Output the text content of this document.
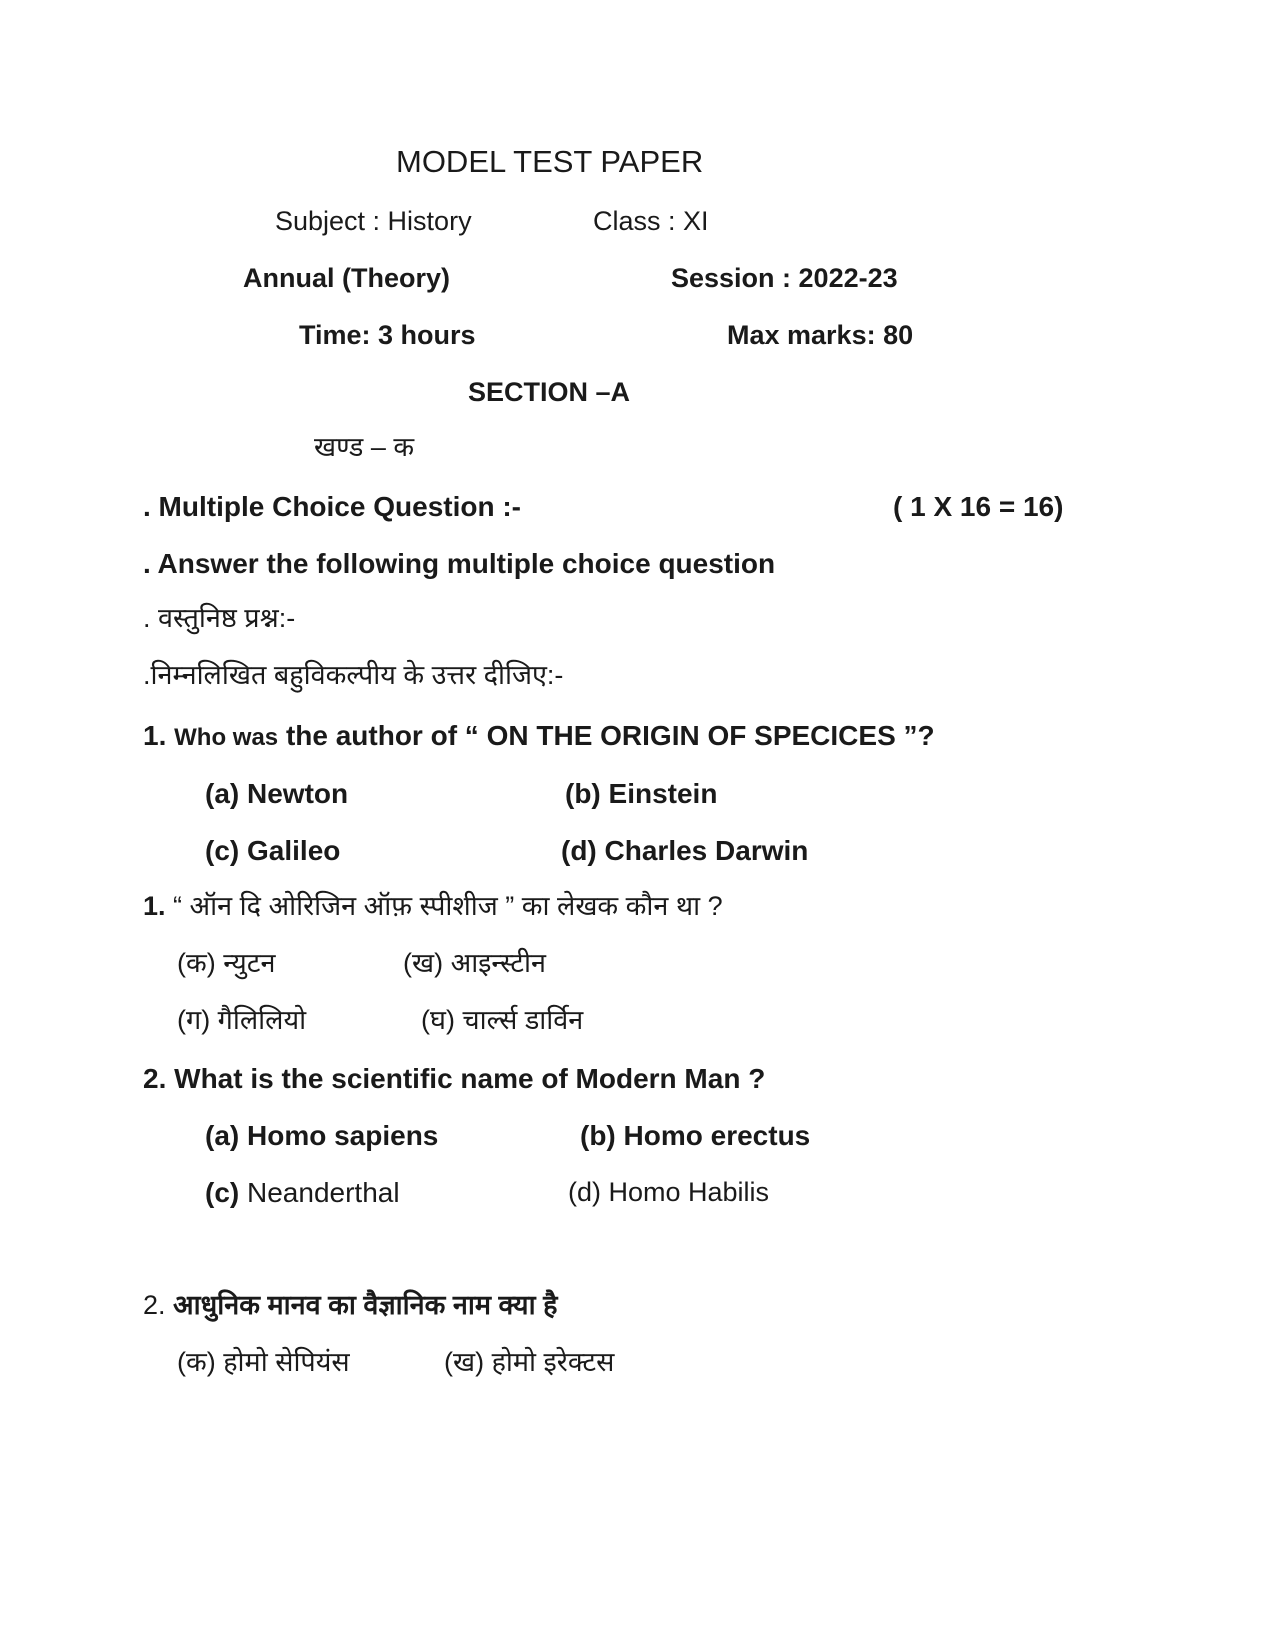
MODEL TEST PAPER
Subject : History	Class : XI
Annual (Theory)	Session : 2022-23
Time: 3 hours	Max marks: 80
SECTION –A
खण्ड – क
. Multiple Choice Question :-	( 1 X 16 = 16)
. Answer the following multiple choice question
. वस्तुनिष्ठ प्रश्न:-
.निम्नलिखित बहुविकल्पीय के उत्तर दीजिए:-
1. Who was the author of “ ON THE ORIGIN OF SPECICES ”?
(a) Newton	(b) Einstein
(c) Galileo	(d) Charles Darwin
1. “ ऑन दि ओरिजिन ऑफ़ स्पीशीज ” का लेखक कौन था ?
(क) न्युटन	(ख) आइन्स्टीन
(ग) गैलिलियो	(घ) चार्ल्स डार्विन
2. What is the scientific name of Modern Man ?
(a) Homo sapiens	(b) Homo erectus
(c) Neanderthal	(d) Homo Habilis
2. आधुनिक मानव का वैज्ञानिक नाम क्या है
(क) होमो सेपियंस	(ख) होमो इरेक्टस
